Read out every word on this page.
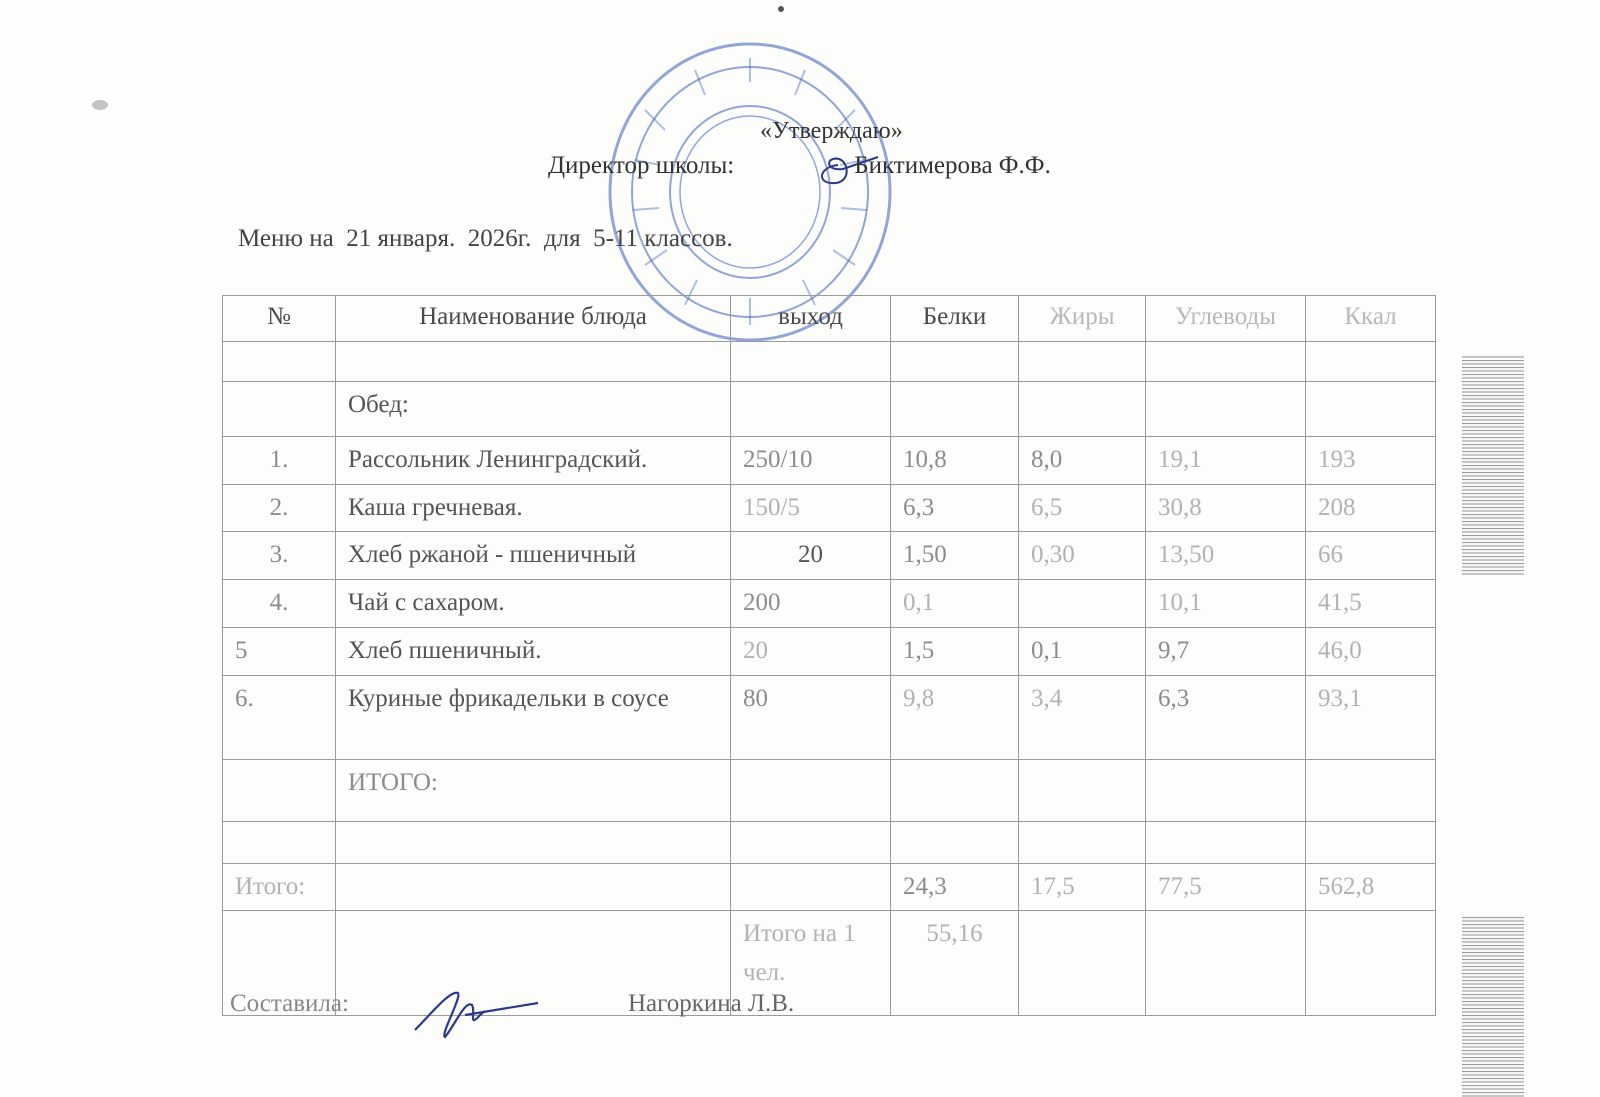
«Утверждаю»
Директор школы:	Биктимерова Ф.Ф.
Меню на  21 января.  2026г.  для  5-11 классов.
№	Наименование блюда	выход	Белки	Жиры	Углеводы	Ккал

	Обед:					
1.	Рассольник Ленинградский.	250/10	10,8	8,0	19,1	193
2.	Каша гречневая.	150/5	6,3	6,5	30,8	208
3.	Хлеб ржаной - пшеничный	20	1,50	0,30	13,50	66
4.	Чай с сахаром.	200	0,1		10,1	41,5
5	Хлеб пшеничный.	20	1,5	0,1	9,7	46,0
6.	Куриные фрикадельки в соусе	80	9,8	3,4	6,3	93,1
	ИТОГО:					

Итого:			24,3	17,5	77,5	562,8
		Итого на 1 чел.	55,16			
Составила:	Нагоркина Л.В.
